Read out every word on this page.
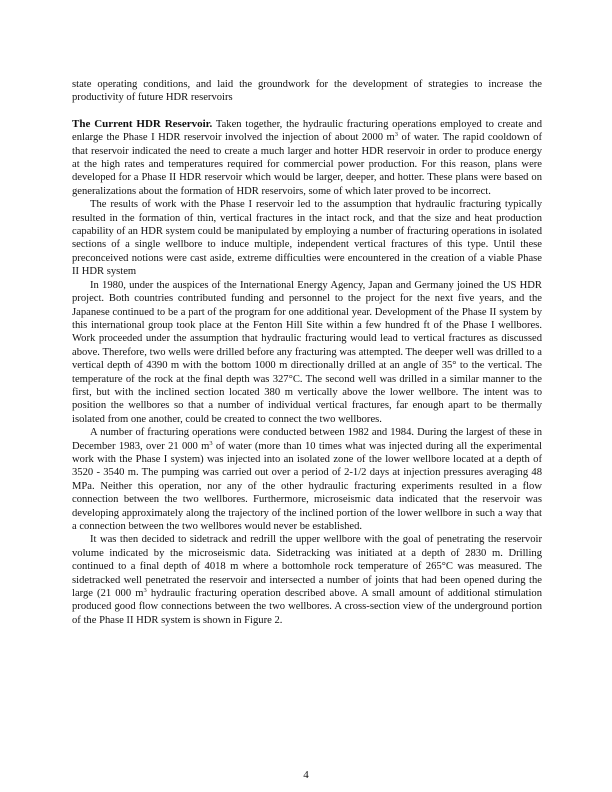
state operating conditions, and laid the groundwork for the development of strategies to increase the productivity of future HDR reservoirs

The Current HDR Reservoir. Taken together, the hydraulic fracturing operations employed to create and enlarge the Phase I HDR reservoir involved the injection of about 2000 $m^3$ of water. The rapid cooldown of that reservoir indicated the need to create a much larger and hotter HDR reservoir in order to produce energy at the high rates and temperatures required for commercial power production. For this reason, plans were developed for a Phase II HDR reservoir which would be larger, deeper, and hotter. These plans were based on generalizations about the formation of HDR reservoirs, some of which later proved to be incorrect.

The results of work with the Phase I reservoir led to the assumption that hydraulic fracturing typically resulted in the formation of thin, vertical fractures in the intact rock, and that the size and heat production capability of an HDR system could be manipulated by employing a number of fracturing operations in isolated sections of a single wellbore to induce multiple, independent vertical fractures of this type. Until these preconceived notions were cast aside, extreme difficulties were encountered in the creation of a viable Phase II HDR system

In 1980, under the auspices of the International Energy Agency, Japan and Germany joined the US HDR project. Both countries contributed funding and personnel to the project for the next five years, and the Japanese continued to be a part of the program for one additional year. Development of the Phase II system by this international group took place at the Fenton Hill Site within a few hundred ft of the Phase I wellbores. Work proceeded under the assumption that hydraulic fracturing would lead to vertical fractures as discussed above. Therefore, two wells were drilled before any fracturing was attempted. The deeper well was drilled to a vertical depth of 4390 m with the bottom 1000 m directionally drilled at an angle of 35° to the vertical. The temperature of the rock at the final depth was 327°C. The second well was drilled in a similar manner to the first, but with the inclined section located 380 m vertically above the lower wellbore. The intent was to position the wellbores so that a number of individual vertical fractures, far enough apart to be thermally isolated from one another, could be created to connect the two wellbores.

A number of fracturing operations were conducted between 1982 and 1984. During the largest of these in December 1983, over 21 000 $m^3$ of water (more than 10 times what was injected during all the experimental work with the Phase I system) was injected into an isolated zone of the lower wellbore located at a depth of 3520 - 3540 m. The pumping was carried out over a period of 2-1/2 days at injection pressures averaging 48 MPa. Neither this operation, nor any of the other hydraulic fracturing experiments resulted in a flow connection between the two wellbores. Furthermore, microseismic data indicated that the reservoir was developing approximately along the trajectory of the inclined portion of the lower wellbore in such a way that a connection between the two wellbores would never be established.

It was then decided to sidetrack and redrill the upper wellbore with the goal of penetrating the reservoir volume indicated by the microseismic data. Sidetracking was initiated at a depth of 2830 m. Drilling continued to a final depth of 4018 m where a bottomhole rock temperature of 265°C was measured. The sidetracked well penetrated the reservoir and intersected a number of joints that had been opened during the large (21 000 $m^3$ hydraulic fracturing operation described above. A small amount of additional stimulation produced good flow connections between the two wellbores. A cross-section view of the underground portion of the Phase II HDR system is shown in Figure 2.

4
